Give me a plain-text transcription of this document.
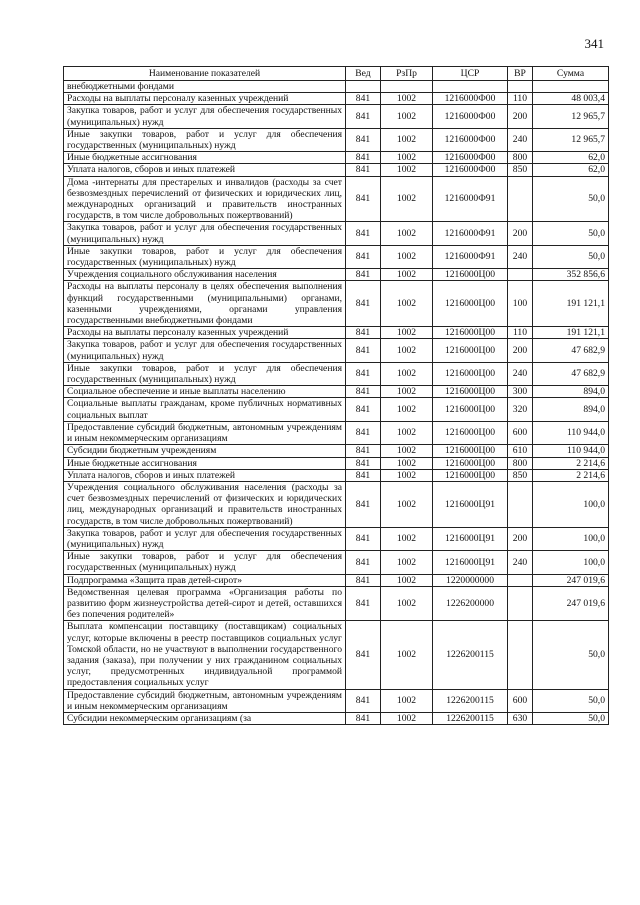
341
Наименование показателей	Вед	РзПр	ЦСР	ВР	Сумма
внебюджетными фондами					
Расходы на выплаты персоналу казенных учреждений	841	1002	1216000Ф00	110	48 003,4
Закупка товаров, работ и услуг для обеспечения государственных (муниципальных) нужд	841	1002	1216000Ф00	200	12 965,7
Иные закупки товаров, работ и услуг для обеспечения государственных (муниципальных) нужд	841	1002	1216000Ф00	240	12 965,7
Иные бюджетные ассигнования	841	1002	1216000Ф00	800	62,0
Уплата налогов, сборов и иных платежей	841	1002	1216000Ф00	850	62,0
Дома -интернаты для престарелых и инвалидов (расходы за счет безвозмездных перечислений от физических и юридических лиц, международных организаций и правительств иностранных государств, в том числе добровольных пожертвований)	841	1002	1216000Ф91		50,0
Закупка товаров, работ и услуг для обеспечения государственных (муниципальных) нужд	841	1002	1216000Ф91	200	50,0
Иные закупки товаров, работ и услуг для обеспечения государственных (муниципальных) нужд	841	1002	1216000Ф91	240	50,0
Учреждения социального обслуживания населения	841	1002	1216000Ц00		352 856,6
Расходы на выплаты персоналу в целях обеспечения выполнения функций государственными (муниципальными) органами, казенными учреждениями, органами управления государственными внебюджетными фондами	841	1002	1216000Ц00	100	191 121,1
Расходы на выплаты персоналу казенных учреждений	841	1002	1216000Ц00	110	191 121,1
Закупка товаров, работ и услуг для обеспечения государственных (муниципальных) нужд	841	1002	1216000Ц00	200	47 682,9
Иные закупки товаров, работ и услуг для обеспечения государственных (муниципальных) нужд	841	1002	1216000Ц00	240	47 682,9
Социальное обеспечение и иные выплаты населению	841	1002	1216000Ц00	300	894,0
Социальные выплаты гражданам, кроме публичных нормативных социальных выплат	841	1002	1216000Ц00	320	894,0
Предоставление субсидий бюджетным, автономным учреждениям и иным некоммерческим организациям	841	1002	1216000Ц00	600	110 944,0
Субсидии бюджетным учреждениям	841	1002	1216000Ц00	610	110 944,0
Иные бюджетные ассигнования	841	1002	1216000Ц00	800	2 214,6
Уплата налогов, сборов и иных платежей	841	1002	1216000Ц00	850	2 214,6
Учреждения социального обслуживания населения (расходы за счет безвозмездных перечислений от физических и юридических лиц, международных организаций и правительств иностранных государств, в том числе добровольных пожертвований)	841	1002	1216000Ц91		100,0
Закупка товаров, работ и услуг для обеспечения государственных (муниципальных) нужд	841	1002	1216000Ц91	200	100,0
Иные закупки товаров, работ и услуг для обеспечения государственных (муниципальных) нужд	841	1002	1216000Ц91	240	100,0
Подпрограмма «Защита прав детей-сирот»	841	1002	1220000000		247 019,6
Ведомственная целевая программа «Организация работы по развитию форм жизнеустройства детей-сирот и детей, оставшихся без попечения родителей»	841	1002	1226200000		247 019,6
Выплата компенсации поставщику (поставщикам) социальных услуг, которые включены в реестр поставщиков социальных услуг Томской области, но не участвуют в выполнении государственного задания (заказа), при получении у них гражданином социальных услуг, предусмотренных индивидуальной программой предоставления социальных услуг	841	1002	1226200115		50,0
Предоставление субсидий бюджетным, автономным учреждениям и иным некоммерческим организациям	841	1002	1226200115	600	50,0
Субсидии некоммерческим организациям (за	841	1002	1226200115	630	50,0
